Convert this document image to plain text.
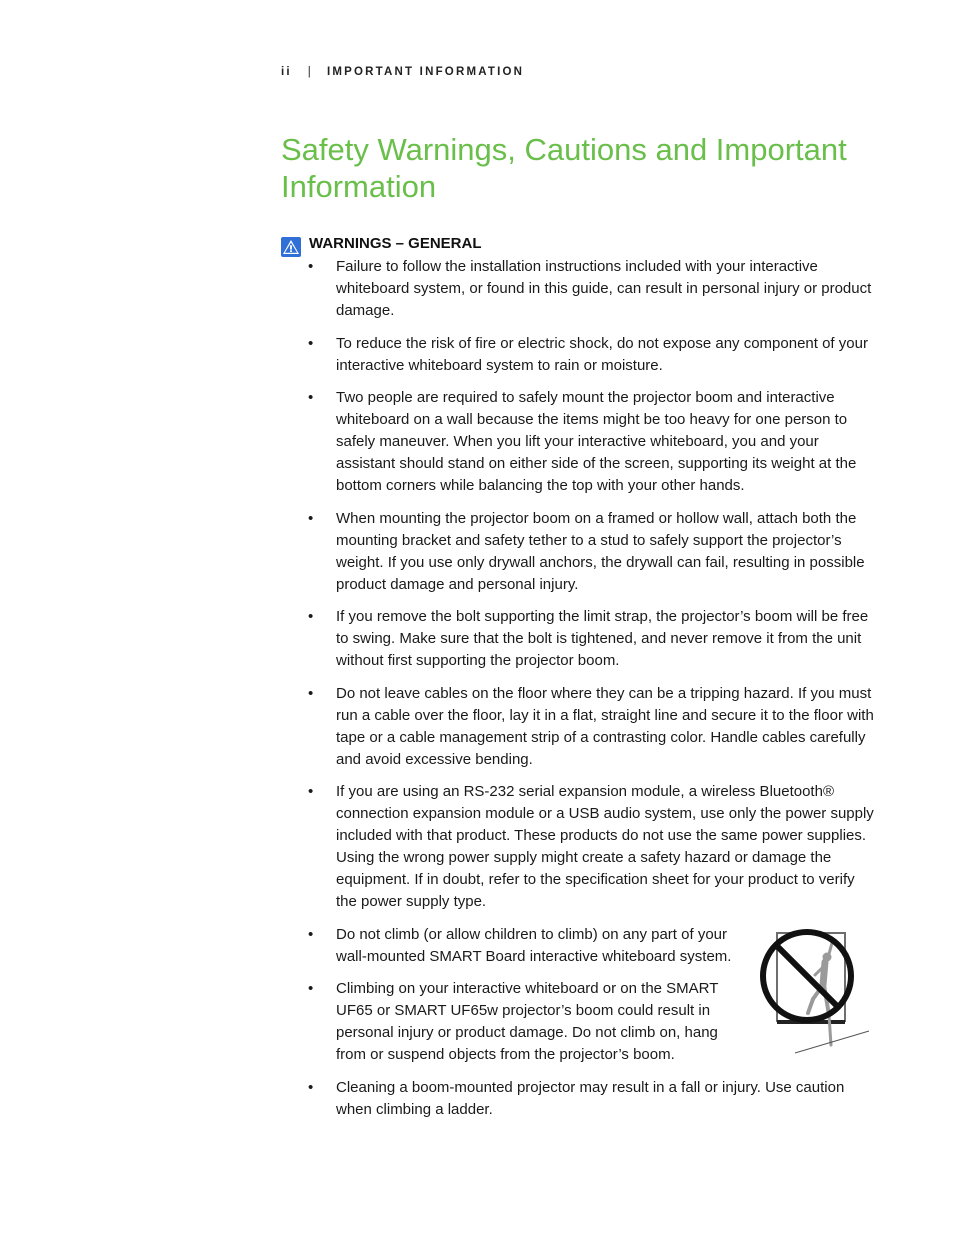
ii | IMPORTANT INFORMATION
Safety Warnings, Cautions and Important Information
WARNINGS – GENERAL
• Failure to follow the installation instructions included with your interactive whiteboard system, or found in this guide, can result in personal injury or product damage.
• To reduce the risk of fire or electric shock, do not expose any component of your interactive whiteboard system to rain or moisture.
• Two people are required to safely mount the projector boom and interactive whiteboard on a wall because the items might be too heavy for one person to safely maneuver. When you lift your interactive whiteboard, you and your assistant should stand on either side of the screen, supporting its weight at the bottom corners while balancing the top with your other hands.
• When mounting the projector boom on a framed or hollow wall, attach both the mounting bracket and safety tether to a stud to safely support the projector’s weight. If you use only drywall anchors, the drywall can fail, resulting in possible product damage and personal injury.
• If you remove the bolt supporting the limit strap, the projector’s boom will be free to swing. Make sure that the bolt is tightened, and never remove it from the unit without first supporting the projector boom.
• Do not leave cables on the floor where they can be a tripping hazard. If you must run a cable over the floor, lay it in a flat, straight line and secure it to the floor with tape or a cable management strip of a contrasting color. Handle cables carefully and avoid excessive bending.
• If you are using an RS-232 serial expansion module, a wireless Bluetooth® connection expansion module or a USB audio system, use only the power supply included with that product. These products do not use the same power supplies. Using the wrong power supply might create a safety hazard or damage the equipment. If in doubt, refer to the specification sheet for your product to verify the power supply type.
• Do not climb (or allow children to climb) on any part of your wall-mounted SMART Board interactive whiteboard system.
• Climbing on your interactive whiteboard or on the SMART UF65 or SMART UF65w projector’s boom could result in personal injury or product damage. Do not climb on, hang from or suspend objects from the projector’s boom.
• Cleaning a boom-mounted projector may result in a fall or injury. Use caution when climbing a ladder.
